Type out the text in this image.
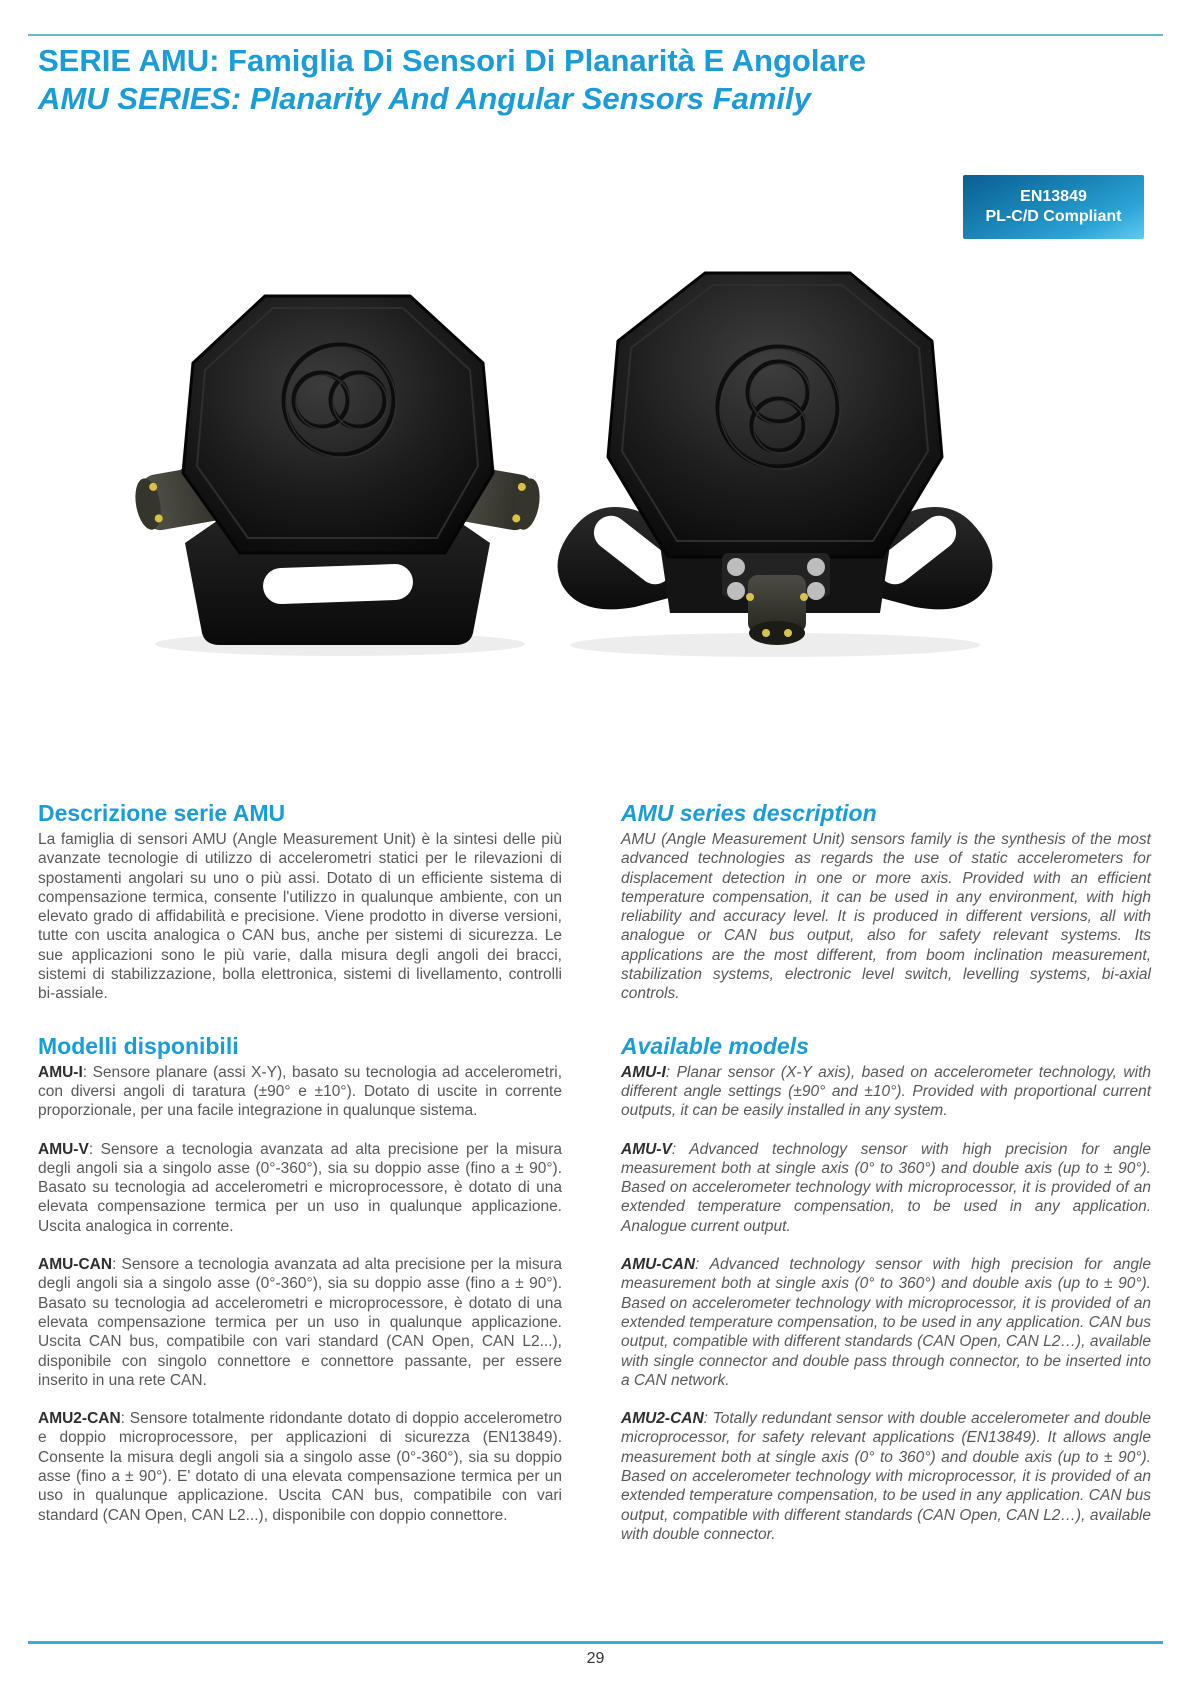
SERIE AMU: Famiglia Di Sensori Di Planarità E Angolare

AMU SERIES: Planarity And Angular Sensors Family

EN13849
PL-C/D Compliant
Descrizione serie AMU

La famiglia di sensori AMU (Angle Measurement Unit) è la sintesi delle più avanzate tecnologie di utilizzo di accelerometri statici per le rilevazioni di spostamenti angolari su uno o più assi. Dotato di un efficiente sistema di compensazione termica, consente l'utilizzo in qualunque ambiente, con un elevato grado di affidabilità e precisione. Viene prodotto in diverse versioni, tutte con uscita analogica o CAN bus, anche per sistemi di sicurezza. Le sue applicazioni sono le più varie, dalla misura degli angoli dei bracci, sistemi di stabilizzazione, bolla elettronica, sistemi di livellamento, controlli bi-assiale.

Modelli disponibili

AMU-I: Sensore planare (assi X-Y), basato su tecnologia ad accelerometri, con diversi angoli di taratura (±90° e ±10°). Dotato di uscite in corrente proporzionale, per una facile integrazione in qualunque sistema.

AMU-V: Sensore a tecnologia avanzata ad alta precisione per la misura degli angoli sia a singolo asse (0°-360°), sia su doppio asse (fino a ± 90°). Basato su tecnologia ad accelerometri e microprocessore, è dotato di una elevata compensazione termica per un uso in qualunque applicazione. Uscita analogica in corrente.

AMU-CAN: Sensore a tecnologia avanzata ad alta precisione per la misura degli angoli sia a singolo asse (0°-360°), sia su doppio asse (fino a ± 90°). Basato su tecnologia ad accelerometri e microprocessore, è dotato di una elevata compensazione termica per un uso in qualunque applicazione. Uscita CAN bus, compatibile con vari standard (CAN Open, CAN L2...), disponibile con singolo connettore e connettore passante, per essere inserito in una rete CAN.

AMU2-CAN: Sensore totalmente ridondante dotato di doppio accelerometro e doppio microprocessore, per applicazioni di sicurezza (EN13849). Consente la misura degli angoli sia a singolo asse (0°-360°), sia su doppio asse (fino a ± 90°). E' dotato di una elevata compensazione termica per un uso in qualunque applicazione. Uscita CAN bus, compatibile con vari standard (CAN Open, CAN L2...), disponibile con doppio connettore.

AMU series description

AMU (Angle Measurement Unit) sensors family is the synthesis of the most advanced technologies as regards the use of static accelerometers for displacement detection in one or more axis. Provided with an efficient temperature compensation, it can be used in any environment, with high reliability and accuracy level. It is produced in different versions, all with analogue or CAN bus output, also for safety relevant systems. Its applications are the most different, from boom inclination measurement, stabilization systems, electronic level switch, levelling systems, bi-axial controls.

Available models

AMU-I: Planar sensor (X-Y axis), based on accelerometer technology, with different angle settings (±90° and ±10°). Provided with proportional current outputs, it can be easily installed in any system.

AMU-V: Advanced technology sensor with high precision for angle measurement both at single axis (0° to 360°) and double axis (up to ± 90°). Based on accelerometer technology with microprocessor, it is provided of an extended temperature compensation, to be used in any application. Analogue current output.

AMU-CAN: Advanced technology sensor with high precision for angle measurement both at single axis (0° to 360°) and double axis (up to ± 90°). Based on accelerometer technology with microprocessor, it is provided of an extended temperature compensation, to be used in any application. CAN bus output, compatible with different standards (CAN Open, CAN L2…), available with single connector and double pass through connector, to be inserted into a CAN network.

AMU2-CAN: Totally redundant sensor with double accelerometer and double microprocessor, for safety relevant applications (EN13849). It allows angle measurement both at single axis (0° to 360°) and double axis (up to ± 90°). Based on accelerometer technology with microprocessor, it is provided of an extended temperature compensation, to be used in any application. CAN bus output, compatible with different standards (CAN Open, CAN L2…), available with double connector.

29
